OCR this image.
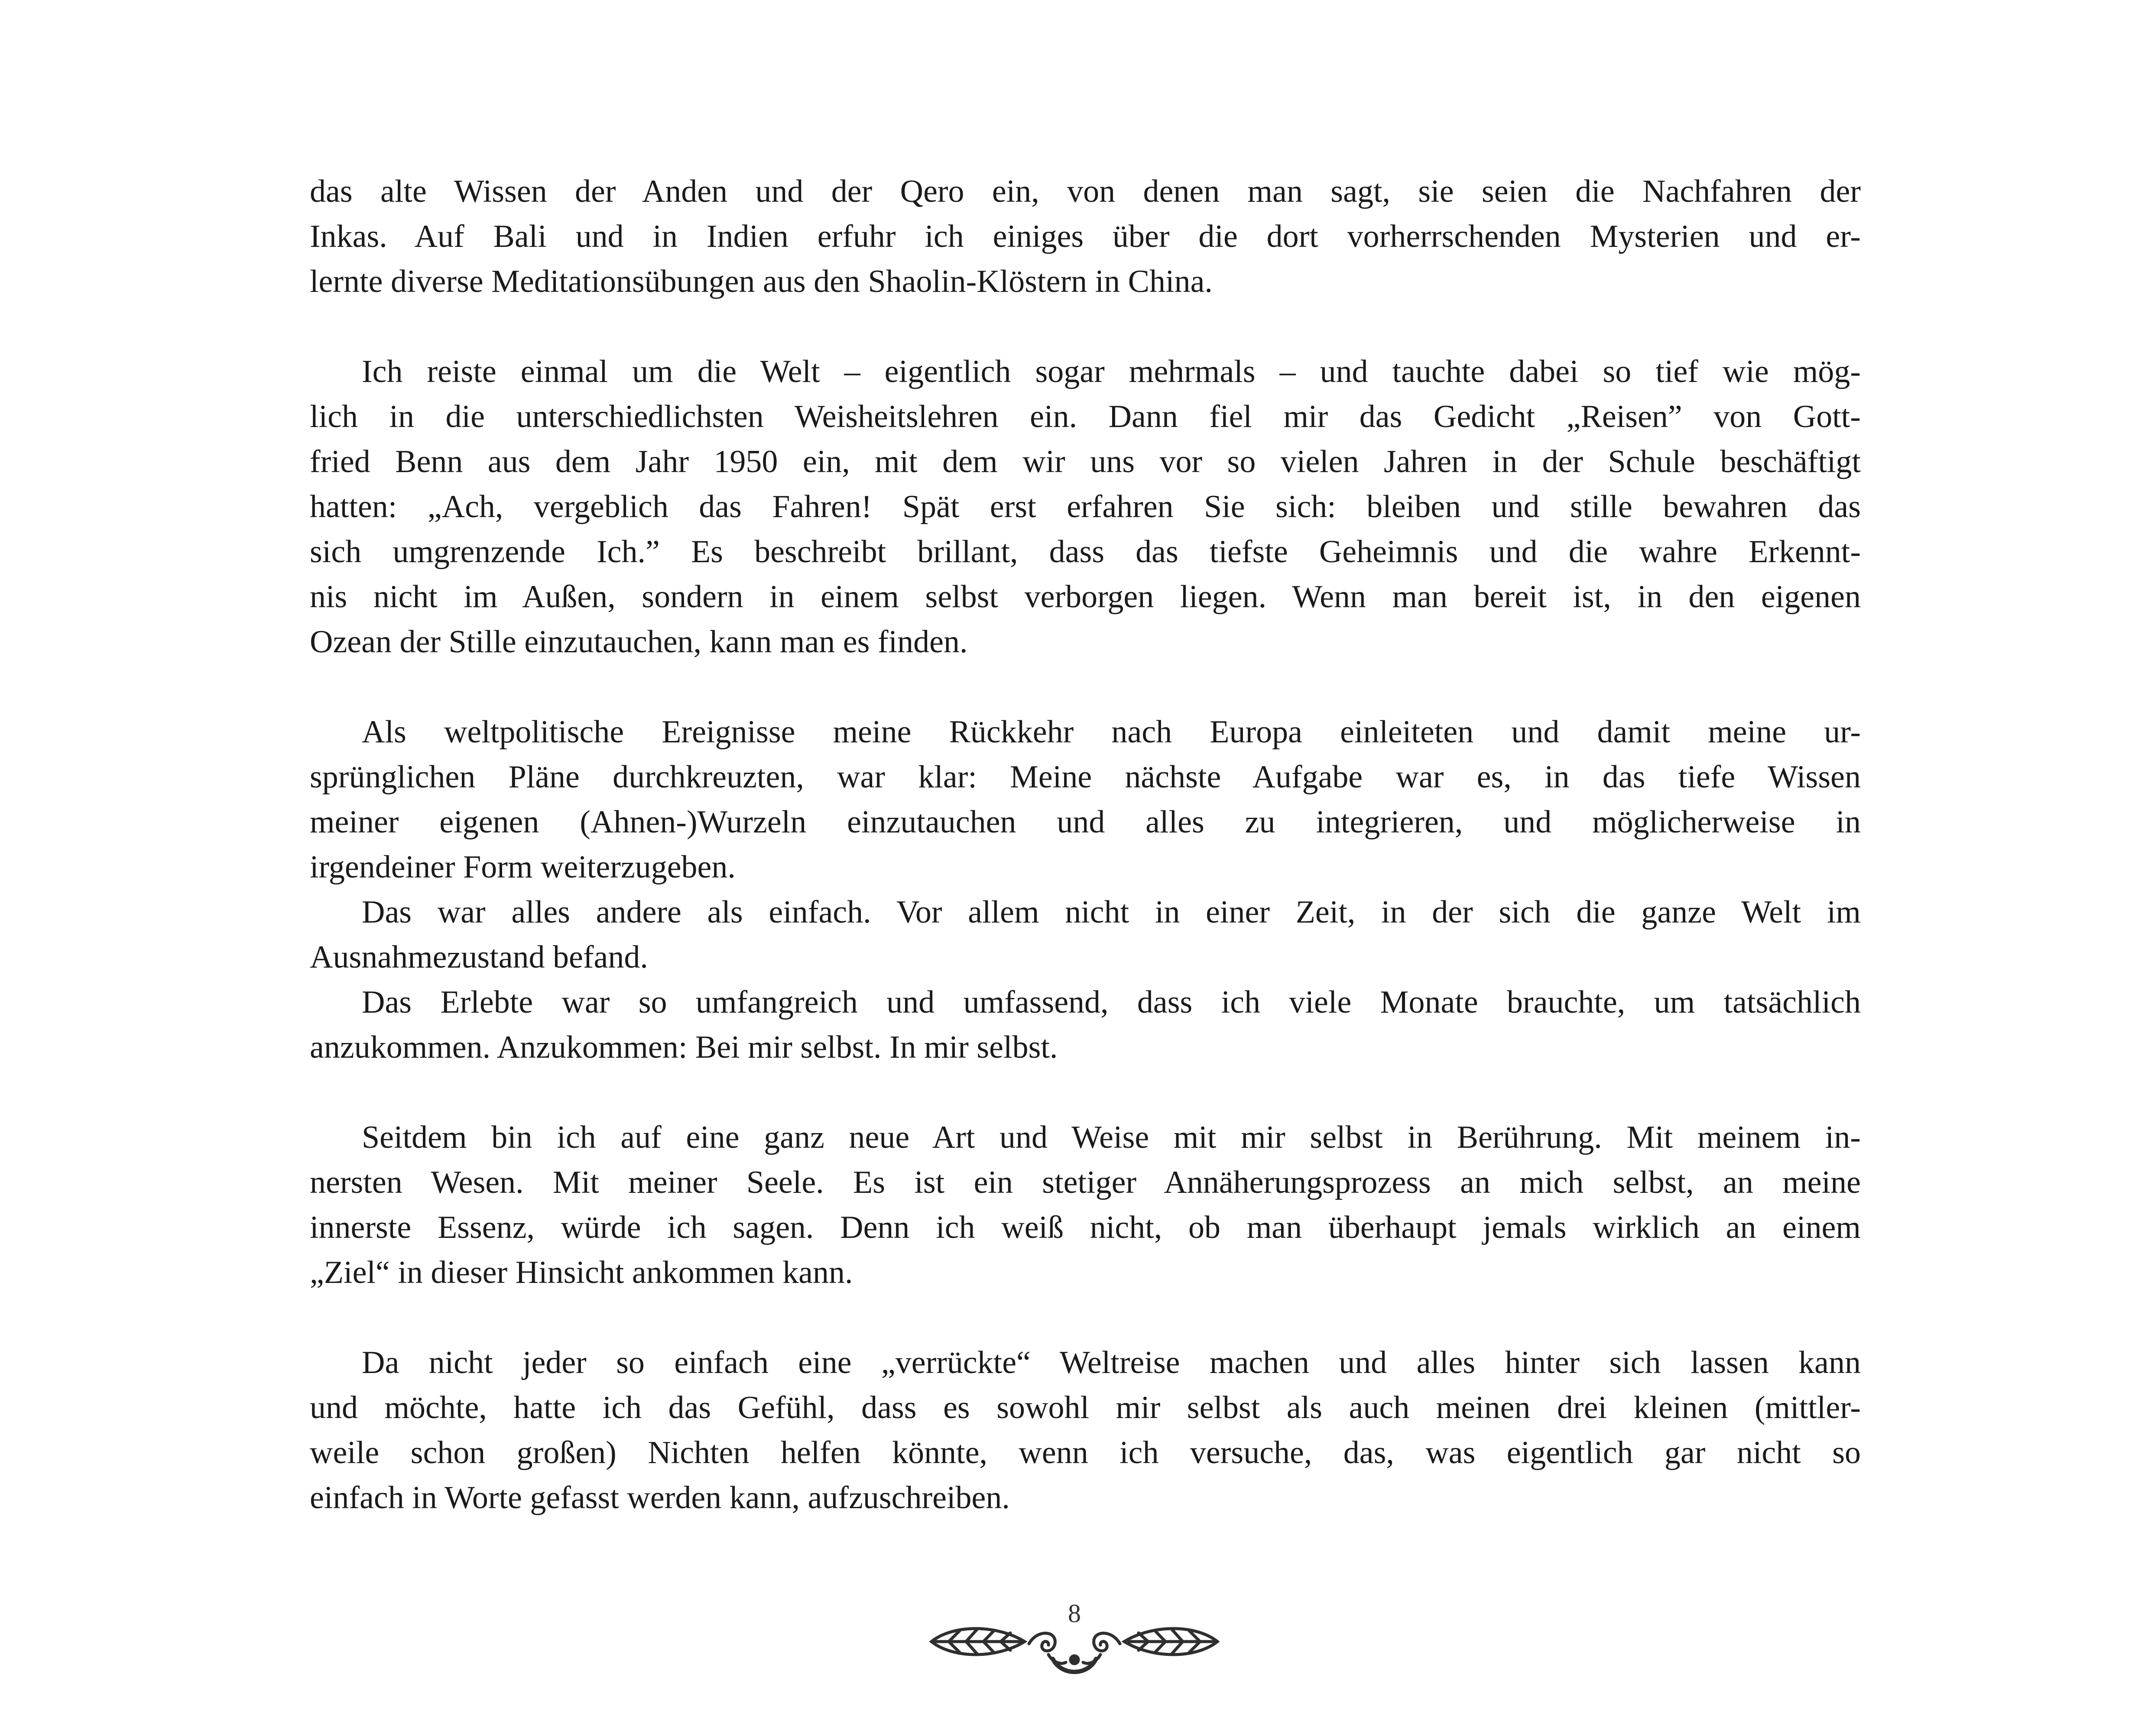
das alte Wissen der Anden und der Qero ein, von denen man sagt, sie seien die Nachfahren der
Inkas. Auf Bali und in Indien erfuhr ich einiges über die dort vorherrschenden Mysterien und er-
lernte diverse Meditationsübungen aus den Shaolin-Klöstern in China.
Ich reiste einmal um die Welt – eigentlich sogar mehrmals – und tauchte dabei so tief wie mög-
lich in die unterschiedlichsten Weisheitslehren ein. Dann fiel mir das Gedicht „Reisen” von Gott-
fried Benn aus dem Jahr 1950 ein, mit dem wir uns vor so vielen Jahren in der Schule beschäftigt
hatten: „Ach, vergeblich das Fahren! Spät erst erfahren Sie sich: bleiben und stille bewahren das
sich umgrenzende Ich.” Es beschreibt brillant, dass das tiefste Geheimnis und die wahre Erkennt-
nis nicht im Außen, sondern in einem selbst verborgen liegen. Wenn man bereit ist, in den eigenen
Ozean der Stille einzutauchen, kann man es finden.
Als weltpolitische Ereignisse meine Rückkehr nach Europa einleiteten und damit meine ur-
sprünglichen Pläne durchkreuzten, war klar: Meine nächste Aufgabe war es, in das tiefe Wissen
meiner eigenen (Ahnen-)Wurzeln einzutauchen und alles zu integrieren, und möglicherweise in
irgendeiner Form weiterzugeben.
Das war alles andere als einfach. Vor allem nicht in einer Zeit, in der sich die ganze Welt im
Ausnahmezustand befand.
Das Erlebte war so umfangreich und umfassend, dass ich viele Monate brauchte, um tatsächlich
anzukommen. Anzukommen: Bei mir selbst. In mir selbst.
Seitdem bin ich auf eine ganz neue Art und Weise mit mir selbst in Berührung. Mit meinem in-
nersten Wesen. Mit meiner Seele. Es ist ein stetiger Annäherungsprozess an mich selbst, an meine
innerste Essenz, würde ich sagen. Denn ich weiß nicht, ob man überhaupt jemals wirklich an einem
„Ziel“ in dieser Hinsicht ankommen kann.
Da nicht jeder so einfach eine „verrückte“ Weltreise machen und alles hinter sich lassen kann
und möchte, hatte ich das Gefühl, dass es sowohl mir selbst als auch meinen drei kleinen (mittler-
weile schon großen) Nichten helfen könnte, wenn ich versuche, das, was eigentlich gar nicht so
einfach in Worte gefasst werden kann, aufzuschreiben.
8
